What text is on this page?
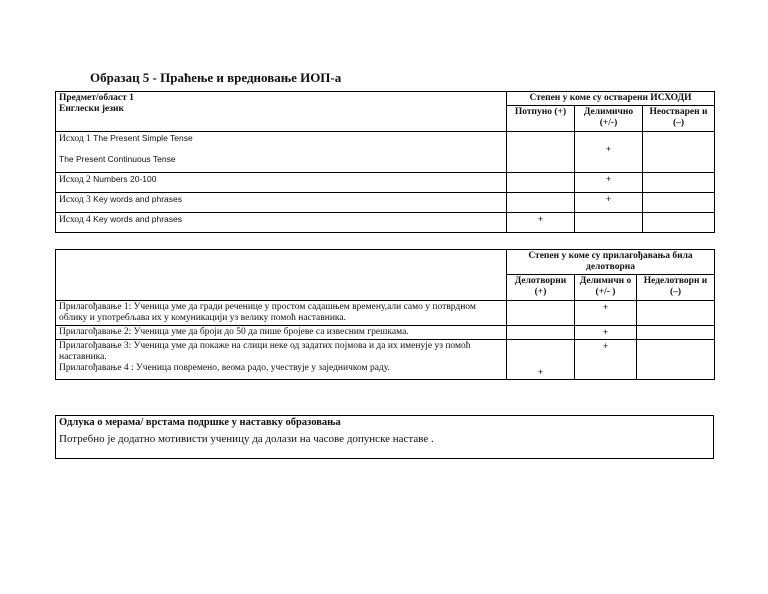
Образац 5 - Праћење и вредновање ИОП-а
Предмет/област 1
Енглески језик	Степен у коме су остварени ИСХОДИ		
	Потпуно (+)	Делимично (+/-)	Неостварен и (–)
Исход 1 The Present Simple Tense
The Present Continuous Tense		+	
Исход 2 Numbers 20-100		+	
Исход 3 Key words and phrases		+	
Исход 4 Key words and phrases	+		
	Степен у коме су прилагођавања била делотворна		
	Делотворни (+)	Делимичн о (+/- )	Неделотворн и (–)
Прилагођавање 1: Ученица уме да гради реченице у простом садашњем времену,али само у потврдном облику и употребљава их у комуникацији уз велику помоћ наставника.		+	
Прилагођавање 2: Ученица уме да броји до 50 да пише бројеве са извесним грешкама.		+	

Прилагођавање 3: Ученица уме да покаже на слици неке од задатих појмова и да их именује уз помоћ наставника.
Прилагођавање 4 : Ученица повремено, веома радо, учествује у заједничком раду.	+	+	
Одлука о мерама/ врстама подршке у наставку образовања
Потребно је додатно мотивисти ученицу да долази на часове допунске наставе .
